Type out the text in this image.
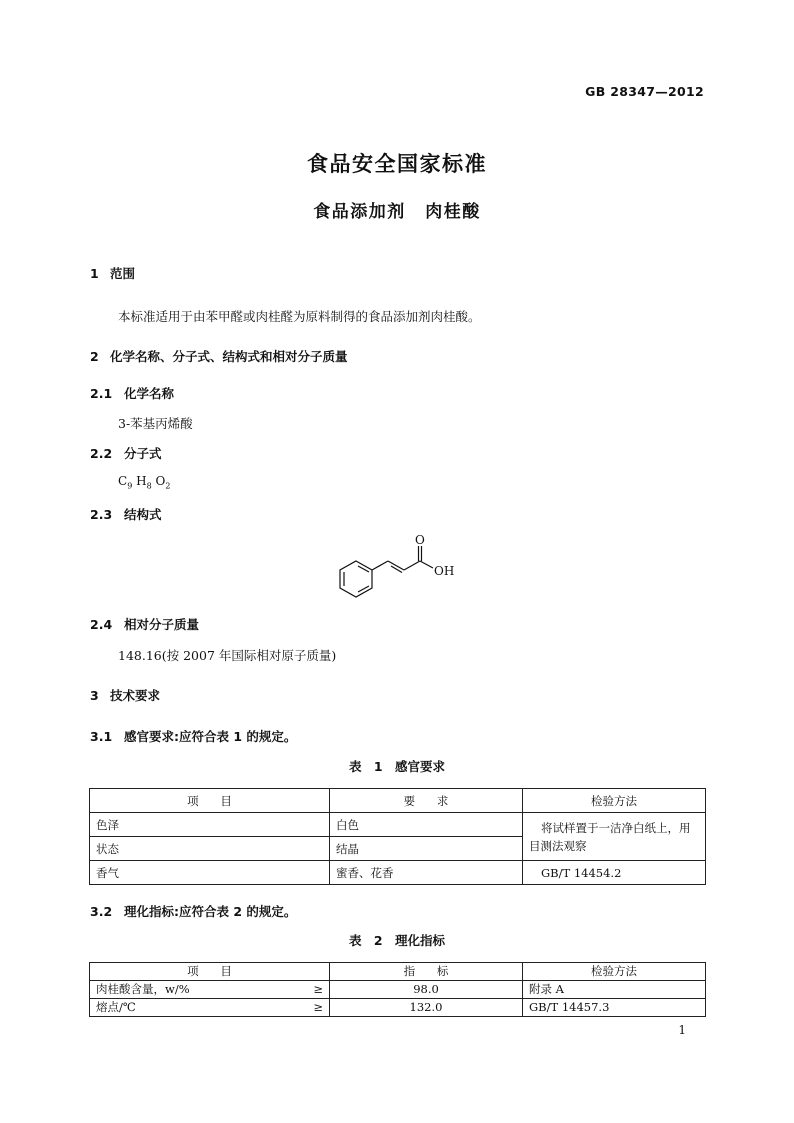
GB 28347—2012
食品安全国家标准
食品添加剂 肉桂酸
1 范围
本标准适用于由苯甲醛或肉桂醛为原料制得的食品添加剂肉桂酸。
2 化学名称、分子式、结构式和相对分子质量
2.1 化学名称
3-苯基丙烯酸
2.2 分子式
$C_9$ $H_8$ $O_2$
2.3 结构式
O
OH
2.4 相对分子质量
148.16(按 2007 年国际相对原子质量)
3 技术要求
3.1 感官要求:应符合表 1 的规定。
表 1 感官要求
项 目	要 求	检验方法
色泽	白色	将试样置于一洁净白纸上，用目测法观察
状态	结晶	
香气	蜜香、花香	GB/T 14454.2
3.2 理化指标:应符合表 2 的规定。
表 2 理化指标
项 目	指 标	检验方法
肉桂酸含量，w/% ≥	98.0	附录 A
熔点/℃ ≥	132.0	GB/T 14457.3
1
